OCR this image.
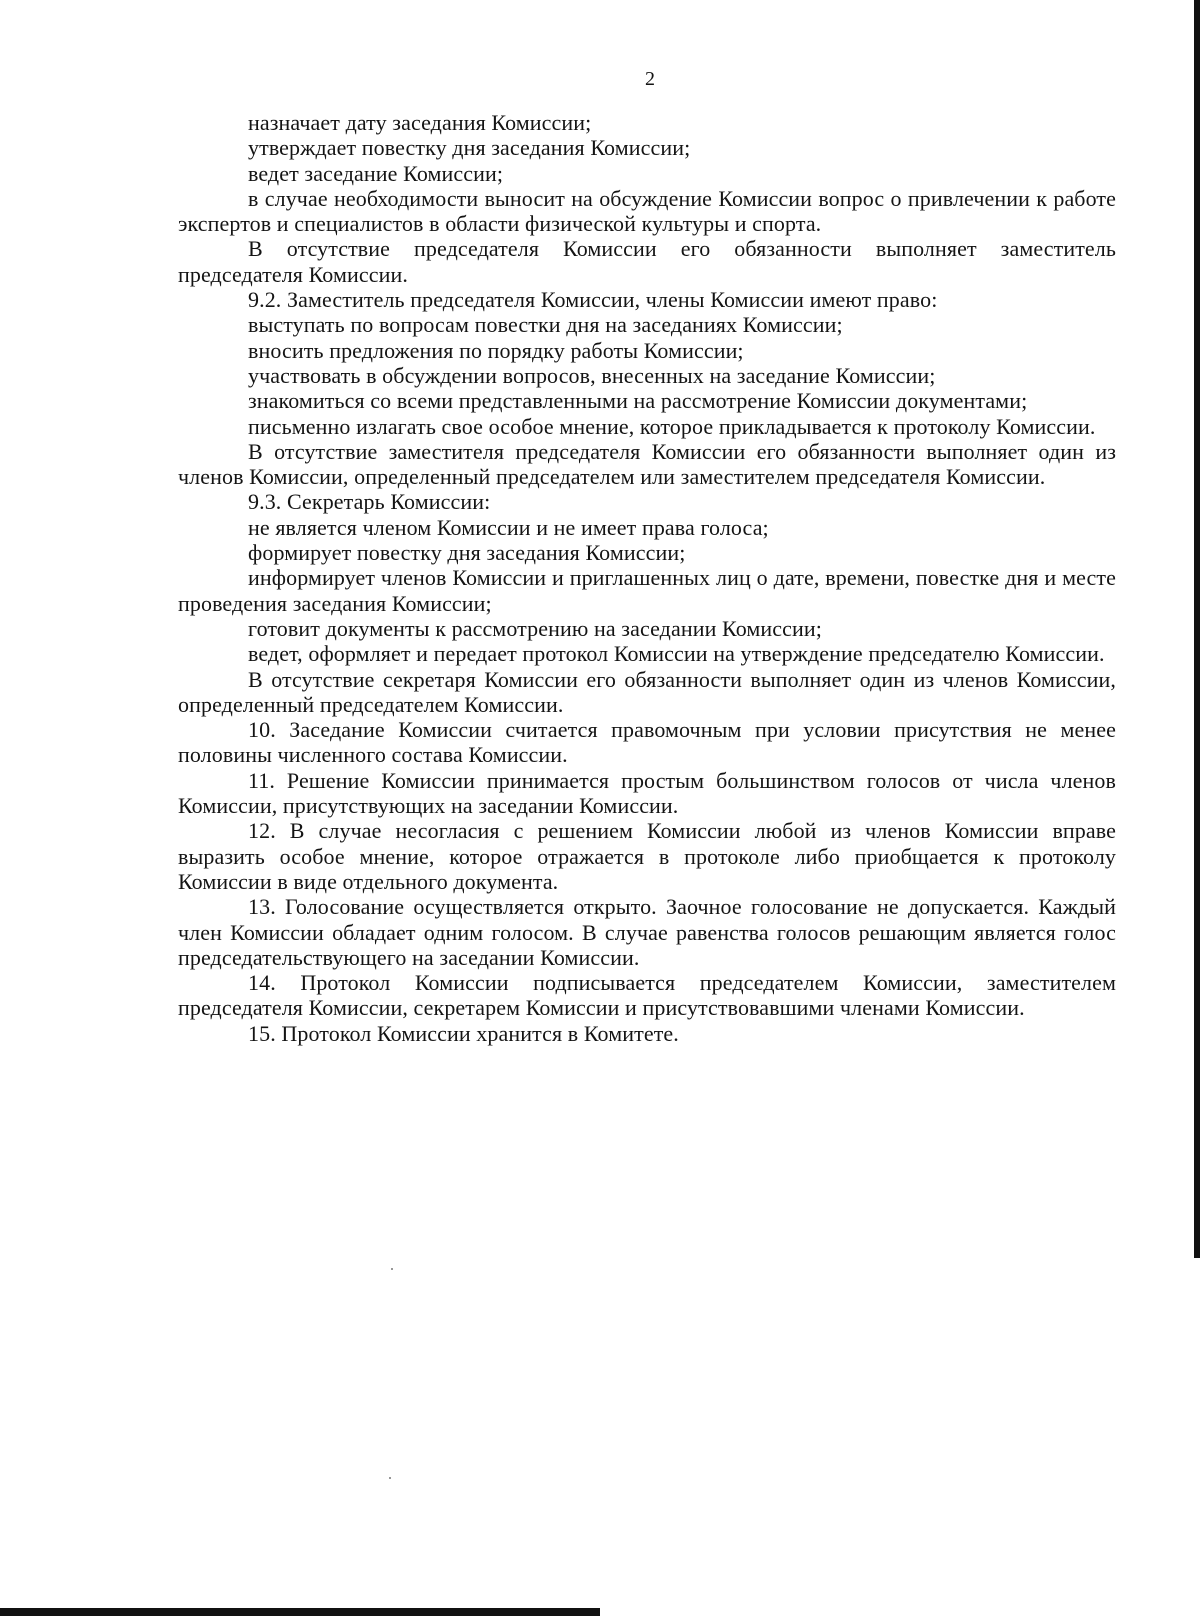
2

назначает дату заседания Комиссии;

утверждает повестку дня заседания Комиссии;

ведет заседание Комиссии;

в случае необходимости выносит на обсуждение Комиссии вопрос о привлечении к работе экспертов и специалистов в области физической культуры и спорта.

В отсутствие председателя Комиссии его обязанности выполняет заместитель председателя Комиссии.

9.2. Заместитель председателя Комиссии, члены Комиссии имеют право:

выступать по вопросам повестки дня на заседаниях Комиссии;

вносить предложения по порядку работы Комиссии;

участвовать в обсуждении вопросов, внесенных на заседание Комиссии;

знакомиться со всеми представленными на рассмотрение Комиссии документами;

письменно излагать свое особое мнение, которое прикладывается к протоколу Комиссии.

В отсутствие заместителя председателя Комиссии его обязанности выполняет один из членов Комиссии, определенный председателем или заместителем председателя Комиссии.

9.3. Секретарь Комиссии:

не является членом Комиссии и не имеет права голоса;

формирует повестку дня заседания Комиссии;

информирует членов Комиссии и приглашенных лиц о дате, времени, повестке дня и месте проведения заседания Комиссии;

готовит документы к рассмотрению на заседании Комиссии;

ведет, оформляет и передает протокол Комиссии на утверждение председателю Комиссии.

В отсутствие секретаря Комиссии его обязанности выполняет один из членов Комиссии, определенный председателем Комиссии.

10. Заседание Комиссии считается правомочным при условии присутствия не менее половины численного состава Комиссии.

11. Решение Комиссии принимается простым большинством голосов от числа членов Комиссии, присутствующих на заседании Комиссии.

12. В случае несогласия с решением Комиссии любой из членов Комиссии вправе выразить особое мнение, которое отражается в протоколе либо приобщается к протоколу Комиссии в виде отдельного документа.

13. Голосование осуществляется открыто. Заочное голосование не допускается. Каждый член Комиссии обладает одним голосом. В случае равенства голосов решающим является голос председательствующего на заседании Комиссии.

14. Протокол Комиссии подписывается председателем Комиссии, заместителем председателя Комиссии, секретарем Комиссии и присутствовавшими членами Комиссии.

15. Протокол Комиссии хранится в Комитете.
